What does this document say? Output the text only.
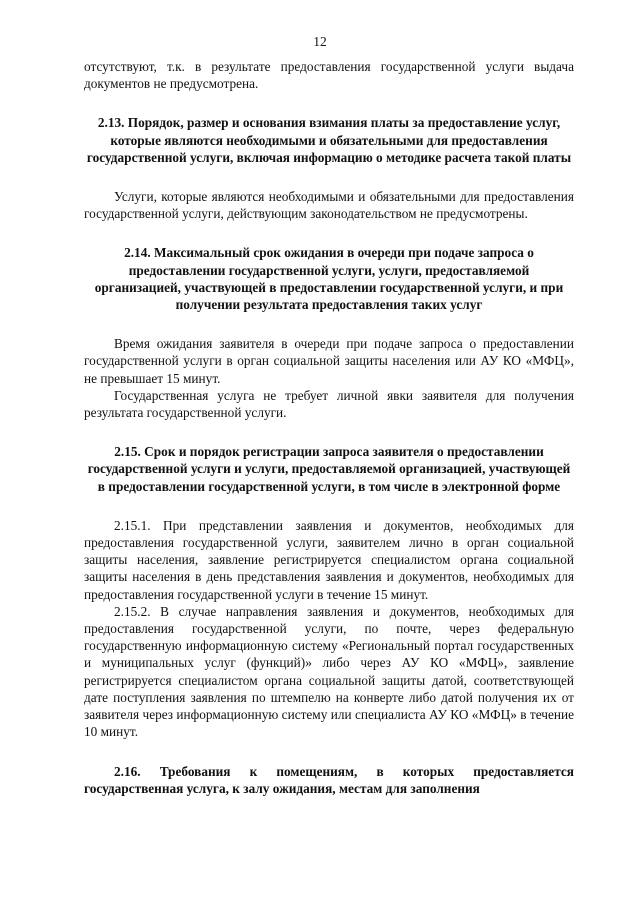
12

отсутствуют, т.к. в результате предоставления государственной услуги выдача документов не предусмотрена.

2.13. Порядок, размер и основания взимания платы за предоставление услуг, которые являются необходимыми и обязательными для предоставления государственной услуги, включая информацию о методике расчета такой платы

Услуги, которые являются необходимыми и обязательными для предоставления государственной услуги, действующим законодательством не предусмотрены.

2.14. Максимальный срок ожидания в очереди при подаче запроса о предоставлении государственной услуги, услуги, предоставляемой организацией, участвующей в предоставлении государственной услуги, и при получении результата предоставления таких услуг

Время ожидания заявителя в очереди при подаче запроса о предоставлении государственной услуги в орган социальной защиты населения или АУ КО «МФЦ», не превышает 15 минут.

Государственная услуга не требует личной явки заявителя для получения результата государственной услуги.

2.15. Срок и порядок регистрации запроса заявителя о предоставлении государственной услуги и услуги, предоставляемой организацией, участвующей в предоставлении государственной услуги, в том числе в электронной форме

2.15.1. При представлении заявления и документов, необходимых для предоставления государственной услуги, заявителем лично в орган социальной защиты населения, заявление регистрируется специалистом органа социальной защиты населения в день представления заявления и документов, необходимых для предоставления государственной услуги в течение 15 минут.

2.15.2. В случае направления заявления и документов, необходимых для предоставления государственной услуги, по почте, через федеральную государственную информационную систему «Региональный портал государственных и муниципальных услуг (функций)» либо через АУ КО «МФЦ», заявление регистрируется специалистом органа социальной защиты датой, соответствующей дате поступления заявления по штемпелю на конверте либо датой получения их от заявителя через информационную систему или специалиста АУ КО «МФЦ» в течение 10 минут.

2.16. Требования к помещениям, в которых предоставляется государственная услуга, к залу ожидания, местам для заполнения
